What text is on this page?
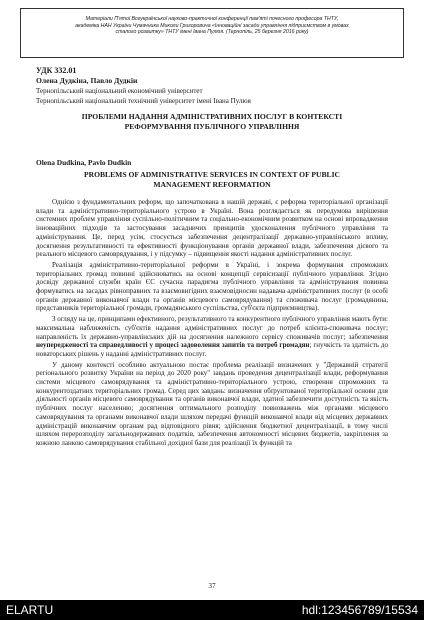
Матеріали П'ятої Всеукраїнської науково-практичної конференції пам'яті почесного професора ТНТУ,
академіка НАН України Чумачника Миколи Григоровича «Інноваційні засади управління підприємством в умовах
сталого розвитку» ТНТУ імені Івана Пулюя. (Тернопіль, 25 березня 2016 року)
УДК 332.01
Олена Дудкіна, Павло Дудкін
Тернопільський національний економічний університет
Тернопільський національний технічний університет імені Івана Пулюя
ПРОБЛЕМИ НАДАННЯ АДМІНІСТРАТИВНИХ ПОСЛУГ В КОНТЕКСТІ
РЕФОРМУВАННЯ ПУБЛІЧНОГО УПРАВЛІННЯ
Olena Dudkina, Pavlo Dudkin
PROBLEMS OF ADMINISTRATIVE SERVICES IN CONTEXT OF PUBLIC
MANAGEMENT REFORMATION

Однією з фундаментальних реформ, що започаткована в нашій державі, є реформа територіальної організації влади та адміністративно-територіального устрою в Україні. Вона розглядається як передумова вирішення системних проблем управління суспільно-політичним та соціально-економічним розвитком на основі впровадження інноваційних підходів та застосування засадничих принципів удосконалення публічного управління та адміністрування. Це, перед усім, стосується забезпечення децентралізації державно-управлінського впливу, досягнення результативності та ефективності функціонування органів державної влади, забезпечення дієвого та реального місцевого самоврядування, і у підсумку – підвищення якості надання адміністративних послуг.

Реалізація адміністративно-територіальної реформи в Україні, і зокрема формування спроможних територіальних громад повинні здійснюватись на основі концепції сервісизації публічного управління. Згідно досвіду державної служби країн ЄС сучасна парадигма публічного управління та адміністрування повинна формуватись на засадах рівноправних та взаємовигідних взаємовідносин надавача адміністративних послуг (в особі органів державної виконавчої влади та органів місцевого самоврядування) та споживача послуг (громадянина, представників територіальної громади, громадянського суспільства, суб'єкта підприємництва).

З огляду на це, принципами ефективного, результативного та конкурентного публічного управління мають бути: максимальна наближеність суб'єктів надання адміністративних послуг до потреб клієнта-споживача послуг; направленість їх державно-управлінських дій на досягнення належного сервісу споживачів послуг; забезпечення неупередженості та справедливості у процесі задоволення запитів та потреб громадян; гнучкість та здатність до новаторських рішень у наданні адміністративних послуг.

У даному контексті особливо актуальною постає проблема реалізації визначених у "Державній стратегії регіонального розвитку України на період до 2020 року" завдань проведення децентралізації влади, реформування системи місцевого самоврядування та адміністративно-територіального устрою, створення спроможних та конкурентоздатних територіальних громад. Серед цих завдань: визначення обґрунтованої територіальної основи для діяльності органів місцевого самоврядування та органів виконавчої влади, здатної забезпечити доступність та якість публічних послуг населенню; досягнення оптимального розподілу повноважень між органами місцевого самоврядування та органами виконавчої влади шляхом передачі функцій виконавчої влади від місцевих державних адміністрацій виконавчим органам рад відповідного рівня; здійснення бюджетної децентралізації, в тому числі шляхом перерозподілу загальнодержавних податків, забезпечення автономності місцевих бюджетів, закріплення за кожною ланкою самоврядування стабільної дохідної бази для реалізації їх функцій та

37
ELARTU	hdl:123456789/15534
